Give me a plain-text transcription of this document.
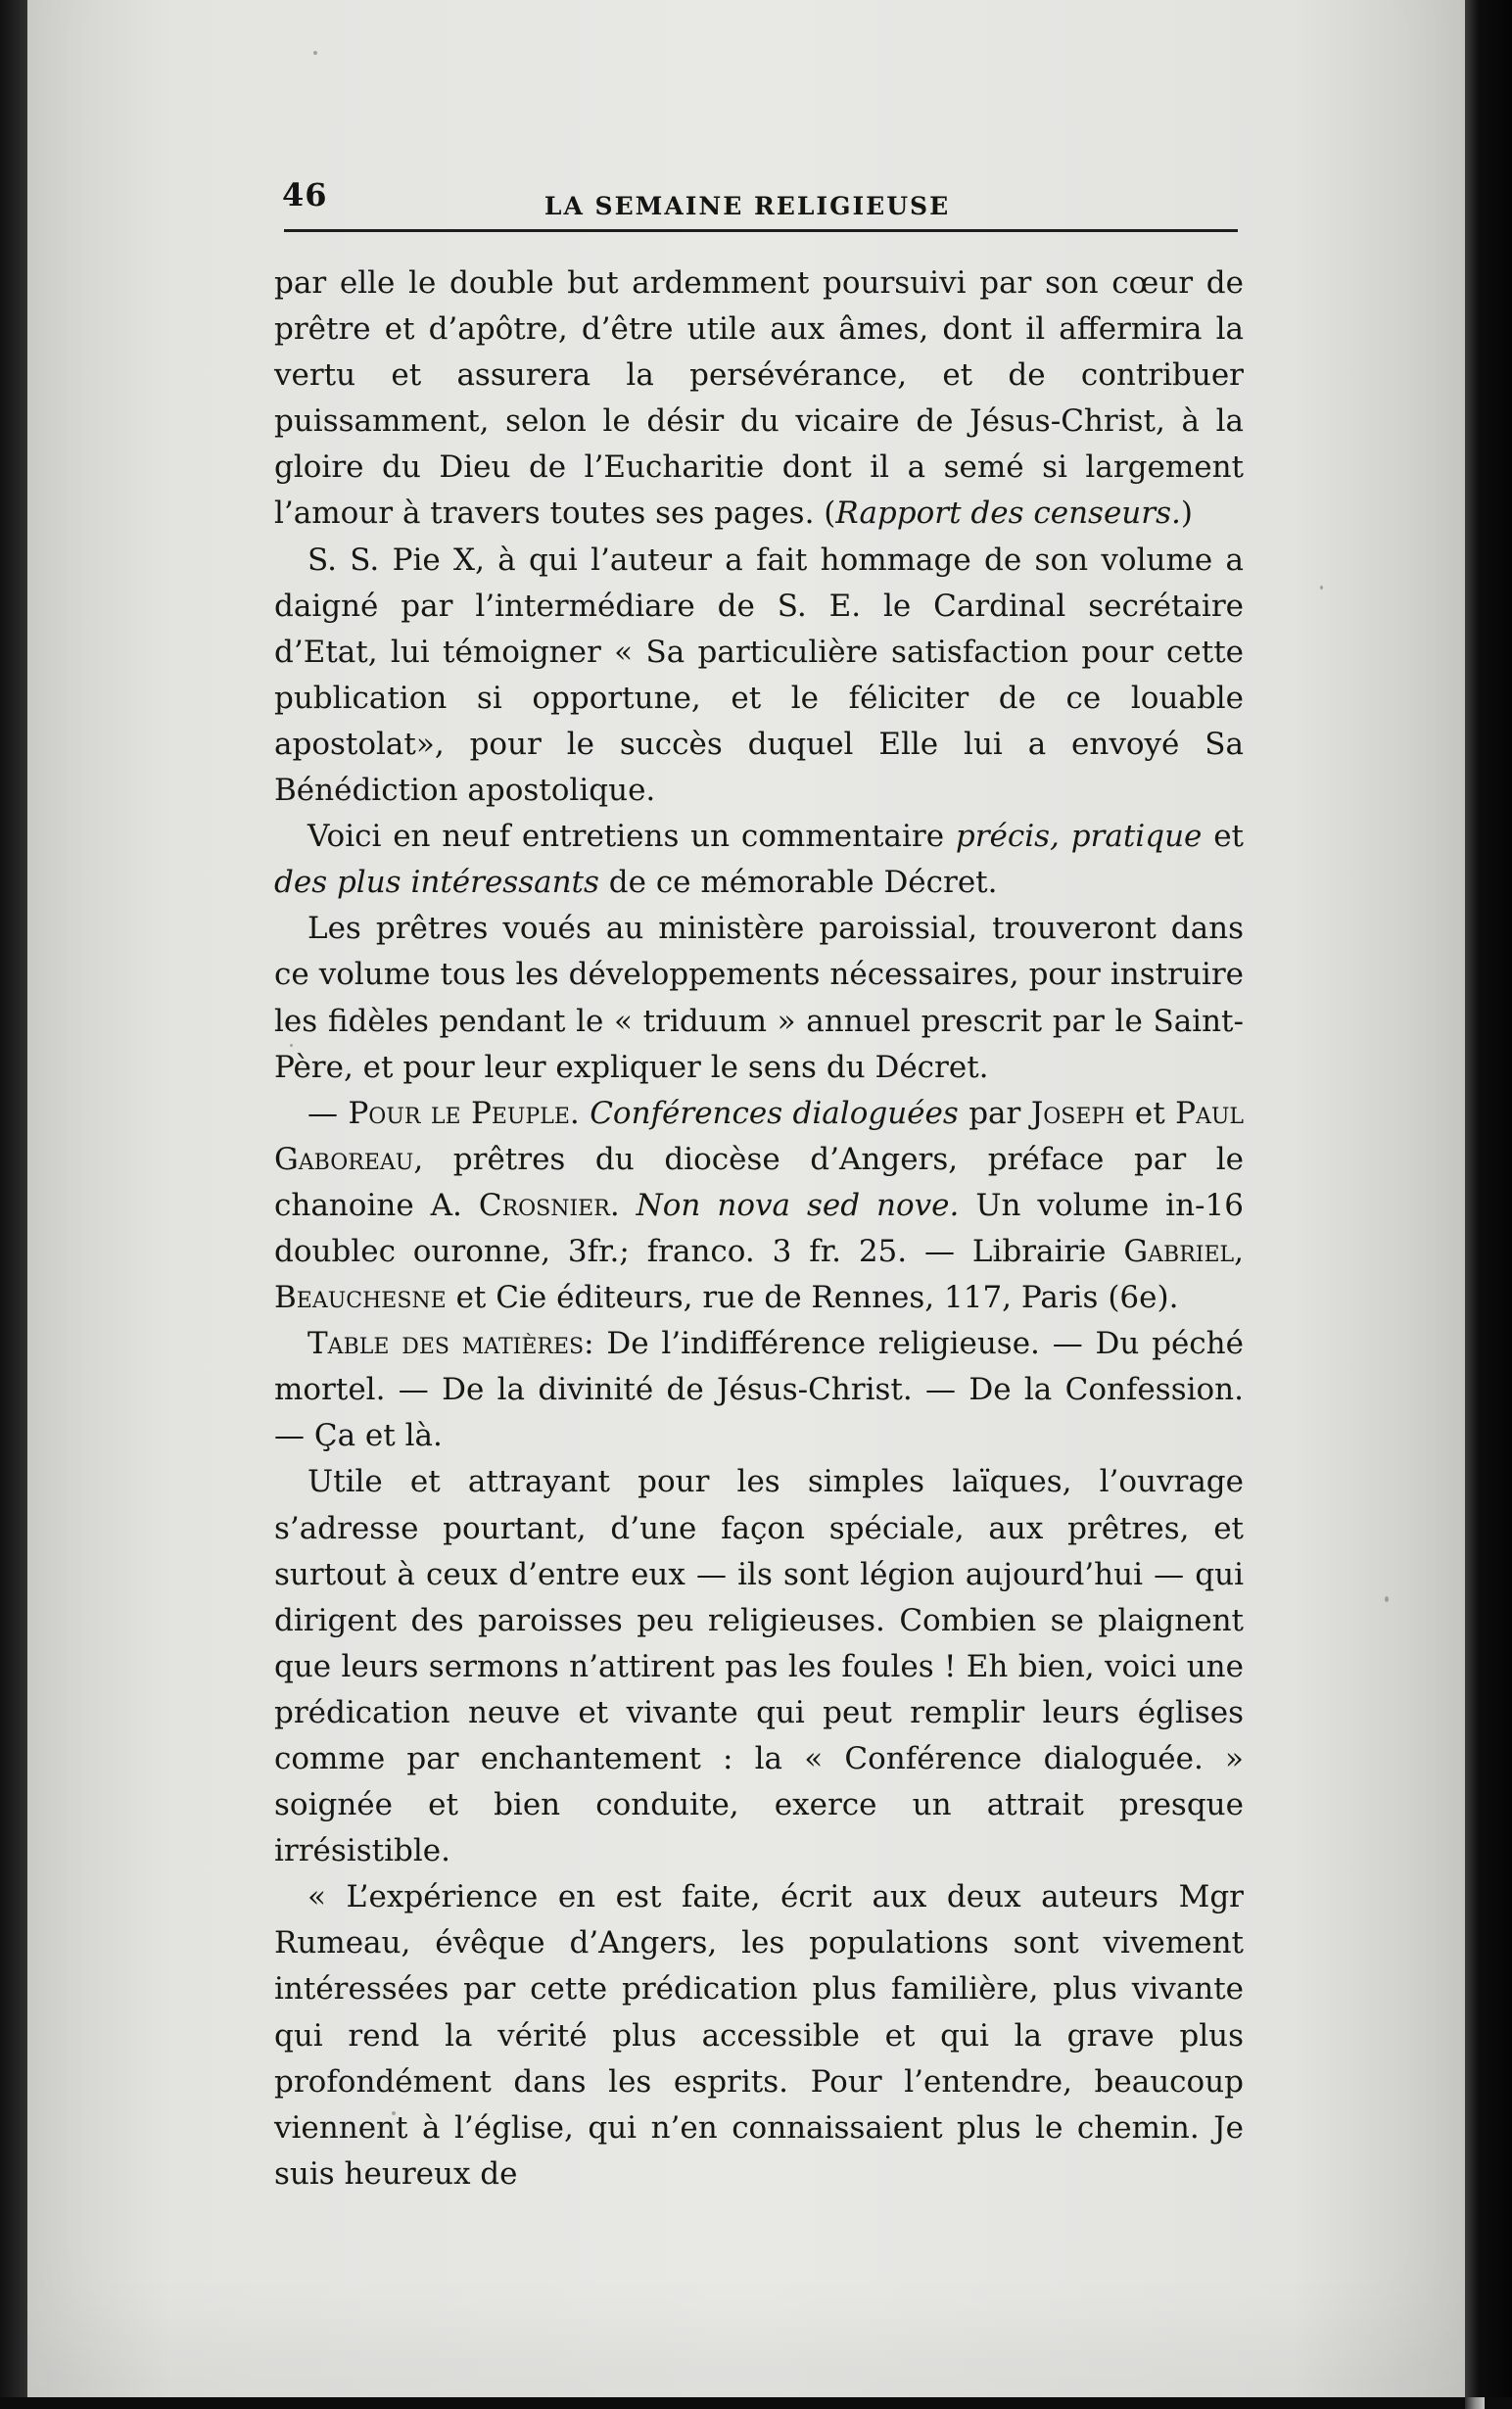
46	LA SEMAINE RELIGIEUSE

par elle le double but ardemment poursuivi par son cœur de prêtre et d’apôtre, d’être utile aux âmes, dont il affermira la vertu et assurera la persévérance, et de contribuer puissamment, selon le désir du vicaire de Jésus-Christ, à la gloire du Dieu de l’Eucharitie dont il a semé si largement l’amour à travers toutes ses pages. (Rapport des censeurs.)

S. S. Pie X, à qui l’auteur a fait hommage de son volume a daigné par l’intermédiare de S. E. le Cardinal secrétaire d’Etat, lui témoigner « Sa particulière satisfaction pour cette publication si opportune, et le féliciter de ce louable apostolat», pour le succès duquel Elle lui a envoyé Sa Bénédiction apostolique.

Voici en neuf entretiens un commentaire précis, pratique et des plus intéressants de ce mémorable Décret.

Les prêtres voués au ministère paroissial, trouveront dans ce volume tous les développements nécessaires, pour instruire les fidèles pendant le « triduum » annuel prescrit par le Saint-Père, et pour leur expliquer le sens du Décret.

— Pour le Peuple. Conférences dialoguées par Joseph et Paul Gaboreau, prêtres du diocèse d’Angers, préface par le chanoine A. Crosnier. Non nova sed nove. Un volume in-16 doublec ouronne, 3fr.; franco. 3 fr. 25. — Librairie Gabriel, Beauchesne et Cie éditeurs, rue de Rennes, 117, Paris (6e).

Table des matières: De l’indifférence religieuse. — Du péché mortel. — De la divinité de Jésus-Christ. — De la Confession. — Ça et là.

Utile et attrayant pour les simples laïques, l’ouvrage s’adresse pourtant, d’une façon spéciale, aux prêtres, et surtout à ceux d’entre eux — ils sont légion aujourd’hui — qui dirigent des paroisses peu religieuses. Combien se plaignent que leurs sermons n’attirent pas les foules ! Eh bien, voici une prédication neuve et vivante qui peut remplir leurs églises comme par enchantement : la « Conférence dialoguée. » soignée et bien conduite, exerce un attrait presque irrésistible.

« L’expérience en est faite, écrit aux deux auteurs Mgr Rumeau, évêque d’Angers, les populations sont vivement intéressées par cette prédication plus familière, plus vivante qui rend la vérité plus accessible et qui la grave plus profondément dans les esprits. Pour l’entendre, beaucoup viennent à l’église, qui n’en connaissaient plus le chemin. Je suis heureux de
